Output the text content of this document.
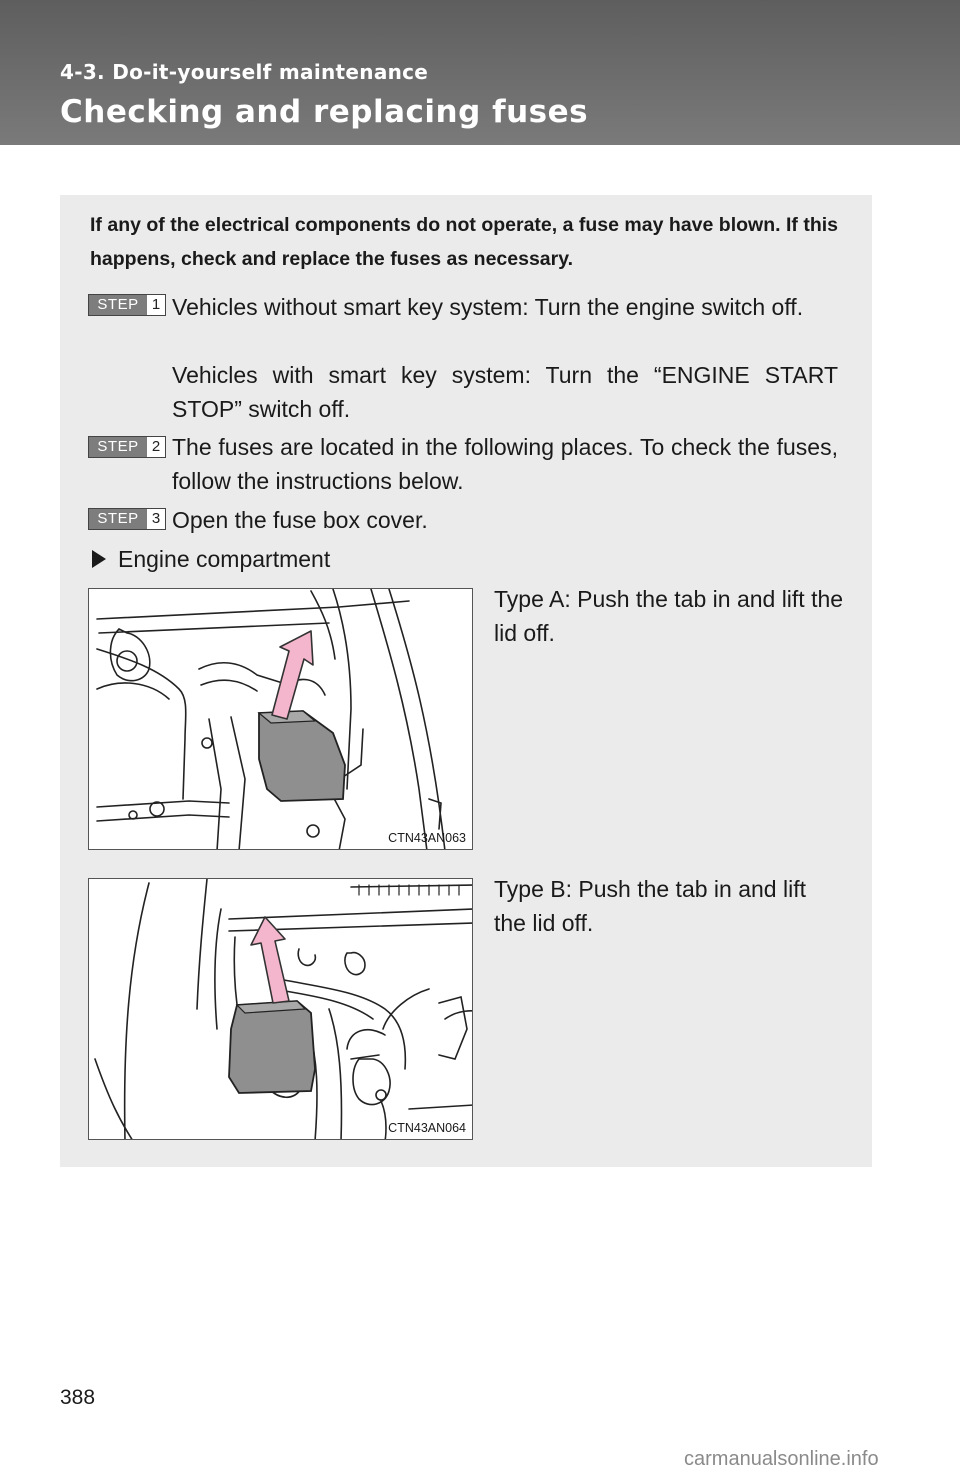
4-3. Do-it-yourself maintenance
Checking and replacing fuses
If any of the electrical components do not operate, a fuse may have blown. If this happens, check and replace the fuses as necessary.
STEP 1 Vehicles without smart key system: Turn the engine switch off.
Vehicles with smart key system: Turn the “ENGINE START STOP” switch off.
STEP 2 The fuses are located in the following places. To check the fuses, follow the instructions below.
STEP 3 Open the fuse box cover.
Engine compartment
CTN43AN063
Type A: Push the tab in and lift the lid off.
CTN43AN064
Type B: Push the tab in and lift the lid off.
388
carmanualsonline.info
